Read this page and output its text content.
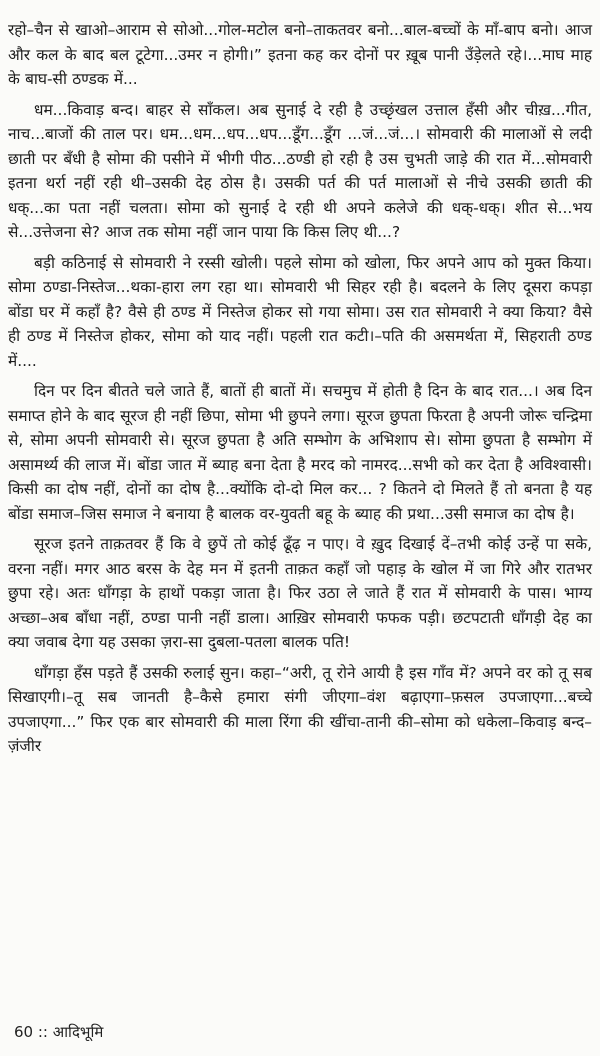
रहो–चैन से खाओ–आराम से सोओ...गोल-मटोल बनो–ताकतवर बनो...बाल-बच्चों के माँ-बाप बनो। आज और कल के बाद बल टूटेगा...उमर न होगी।” इतना कह कर दोनों पर ख़ूब पानी उँड़ेलते रहे।...माघ माह के बाघ-सी ठण्डक में...

धम...किवाड़ बन्द। बाहर से साँकल। अब सुनाई दे रही है उच्छृंखल उत्ताल हँसी और चीख़...गीत, नाच...बाजों की ताल पर। धम...धम...धप...धप...डूँग...डूँग ...जं...जं...। सोमवारी की मालाओं से लदी छाती पर बँधी है सोमा की पसीने में भीगी पीठ...ठण्डी हो रही है उस चुभती जाड़े की रात में...सोमवारी इतना थर्रा नहीं रही थी–उसकी देह ठोस है। उसकी पर्त की पर्त मालाओं से नीचे उसकी छाती की धक्...का पता नहीं चलता। सोमा को सुनाई दे रही थी अपने कलेजे की धक्-धक्। शीत से...भय से...उत्तेजना से? आज तक सोमा नहीं जान पाया कि किस लिए थी...?

बड़ी कठिनाई से सोमवारी ने रस्सी खोली। पहले सोमा को खोला, फिर अपने आप को मुक्त किया। सोमा ठण्डा-निस्तेज...थका-हारा लग रहा था। सोमवारी भी सिहर रही है। बदलने के लिए दूसरा कपड़ा बोंडा घर में कहाँ है? वैसे ही ठण्ड में निस्तेज होकर सो गया सोमा। उस रात सोमवारी ने क्या किया? वैसे ही ठण्ड में निस्तेज होकर, सोमा को याद नहीं। पहली रात कटी।–पति की असमर्थता में, सिहराती ठण्ड में....

दिन पर दिन बीतते चले जाते हैं, बातों ही बातों में। सचमुच में होती है दिन के बाद रात...। अब दिन समाप्त होने के बाद सूरज ही नहीं छिपा, सोमा भी छुपने लगा। सूरज छुपता फिरता है अपनी जोरू चन्द्रिमा से, सोमा अपनी सोमवारी से। सूरज छुपता है अति सम्भोग के अभिशाप से। सोमा छुपता है सम्भोग में असामर्थ्य की लाज में। बोंडा जात में ब्याह बना देता है मरद को नामरद...सभी को कर देता है अविश्वासी। किसी का दोष नहीं, दोनों का दोष है...क्योंकि दो-दो मिल कर... ? कितने दो मिलते हैं तो बनता है यह बोंडा समाज–जिस समाज ने बनाया है बालक वर-युवती बहू के ब्याह की प्रथा...उसी समाज का दोष है।

सूरज इतने ताक़तवर हैं कि वे छुपें तो कोई ढूँढ़ न पाए। वे ख़ुद दिखाई दें–तभी कोई उन्हें पा सके, वरना नहीं। मगर आठ बरस के देह मन में इतनी ताक़त कहाँ जो पहाड़ के खोल में जा गिरे और रातभर छुपा रहे। अतः धाँगड़ा के हाथों पकड़ा जाता है। फिर उठा ले जाते हैं रात में सोमवारी के पास। भाग्य अच्छा–अब बाँधा नहीं, ठण्डा पानी नहीं डाला। आख़िर सोमवारी फफक पड़ी। छटपटाती धाँगड़ी देह का क्या जवाब देगा यह उसका ज़रा-सा दुबला-पतला बालक पति!

धाँगड़ा हँस पड़ते हैं उसकी रुलाई सुन। कहा–“अरी, तू रोने आयी है इस गाँव में? अपने वर को तू सब सिखाएगी।–तू सब जानती है–कैसे हमारा संगी जीएगा–वंश बढ़ाएगा–फ़सल उपजाएगा...बच्चे उपजाएगा...” फिर एक बार सोमवारी की माला रिंगा की खींचा-तानी की–सोमा को धकेला–किवाड़ बन्द–ज़ंजीर

60 :: आदिभूमि
